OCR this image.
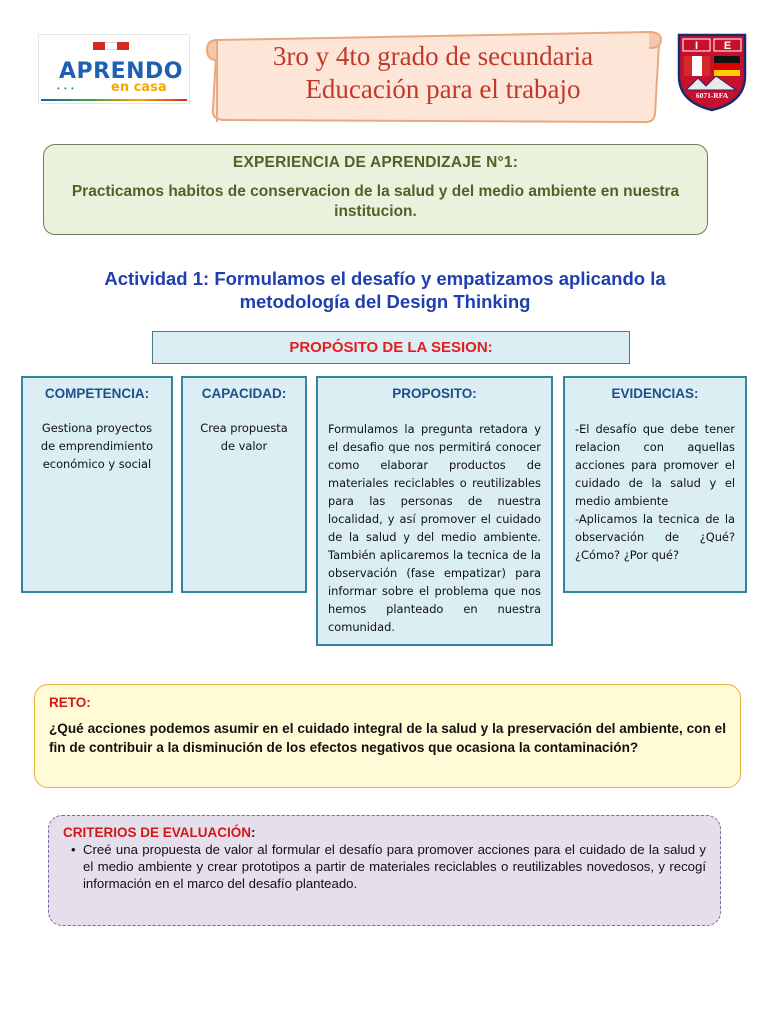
APRENDO
• • •	en casa
3ro y 4to grado de secundaria
Educación para el trabajo
I E
6071-RFA
EXPERIENCIA DE APRENDIZAJE N°1:
Practicamos habitos de conservacion de la salud y del medio ambiente en nuestra institucion.
Actividad 1: Formulamos el desafío y empatizamos aplicando la
metodología del Design Thinking
PROPÓSITO DE LA SESION:
COMPETENCIA:
Gestiona proyectos de emprendimiento económico y social
CAPACIDAD:
Crea propuesta de valor
PROPOSITO:
Formulamos la pregunta retadora y el desafio que nos permitirá conocer como elaborar productos de materiales reciclables o reutilizables para las personas de nuestra localidad, y así promover el cuidado de la salud y del medio ambiente. También aplicaremos la tecnica de la observación (fase empatizar) para informar sobre el problema que nos hemos planteado en nuestra comunidad.
EVIDENCIAS:
-El desafío que debe tener relacion con aquellas acciones para promover el cuidado de la salud y el medio ambiente
-Aplicamos la tecnica de la observación de ¿Qué? ¿Cómo? ¿Por qué?
RETO:
¿Qué acciones podemos asumir en el cuidado integral de la salud y la preservación del ambiente, con el fin de contribuir a la disminución de los efectos negativos que ocasiona la contaminación?
CRITERIOS DE EVALUACIÓN:
• Creé una propuesta de valor al formular el desafío para promover acciones para el cuidado de la salud y el medio ambiente y crear prototipos a partir de materiales reciclables o reutilizables novedosos, y recogí información en el marco del desafío planteado.
